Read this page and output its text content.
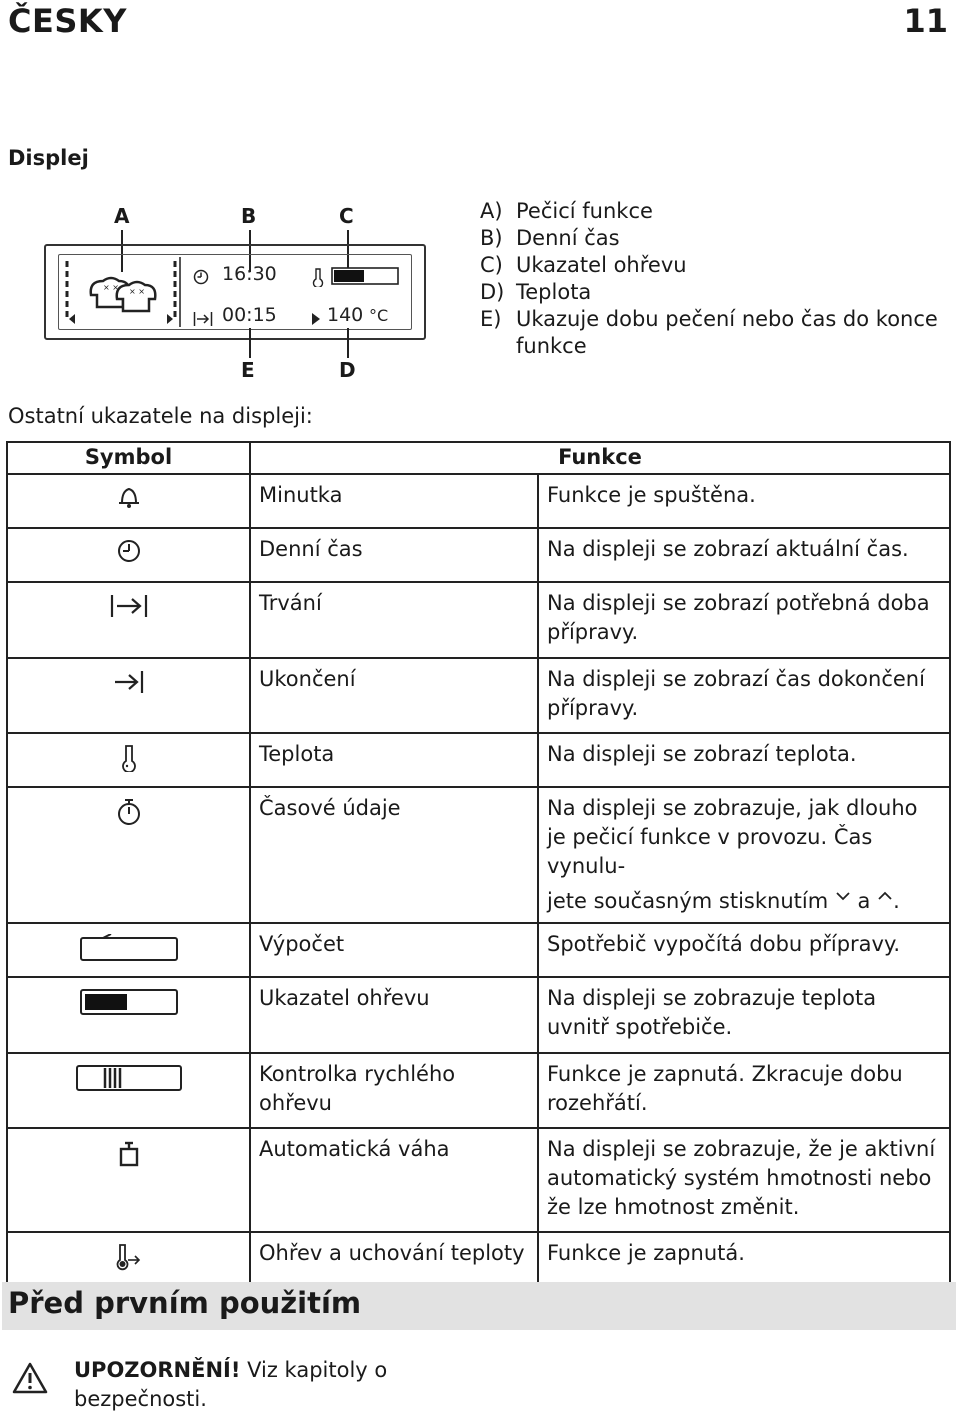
ČESKY	11
Displej
A	B	C
× × × ×
16:30
00:15	140 °C
E	D
A) Pečicí funkce
B) Denní čas
C) Ukazatel ohřevu
D) Teplota
E) Ukazuje dobu pečení nebo čas do konce funkce
Ostatní ukazatele na displeji:
Symbol	Funkce	
	Minutka	Funkce je spuštěna.
	Denní čas	Na displeji se zobrazí aktuální čas.
	Trvání	Na displeji se zobrazí potřebná doba přípravy.
	Ukončení	Na displeji se zobrazí čas dokončení přípravy.
	Teplota	Na displeji se zobrazí teplota.
	Časové údaje	Na displeji se zobrazuje, jak dlouho je pečicí funkce v provozu. Čas vynulu-
jete současným stisknutím a .
	Výpočet	Spotřebič vypočítá dobu přípravy.
	Ukazatel ohřevu	Na displeji se zobrazuje teplota uvnitř spotřebiče.
	Kontrolka rychlého ohřevu	Funkce je zapnutá. Zkracuje dobu rozehřátí.
	Automatická váha	Na displeji se zobrazuje, že je aktivní automatický systém hmotnosti nebo že lze hmotnost změnit.
	Ohřev a uchování teploty	Funkce je zapnutá.
Před prvním použitím
UPOZORNĚNÍ! Viz kapitoly o bezpečnosti.
